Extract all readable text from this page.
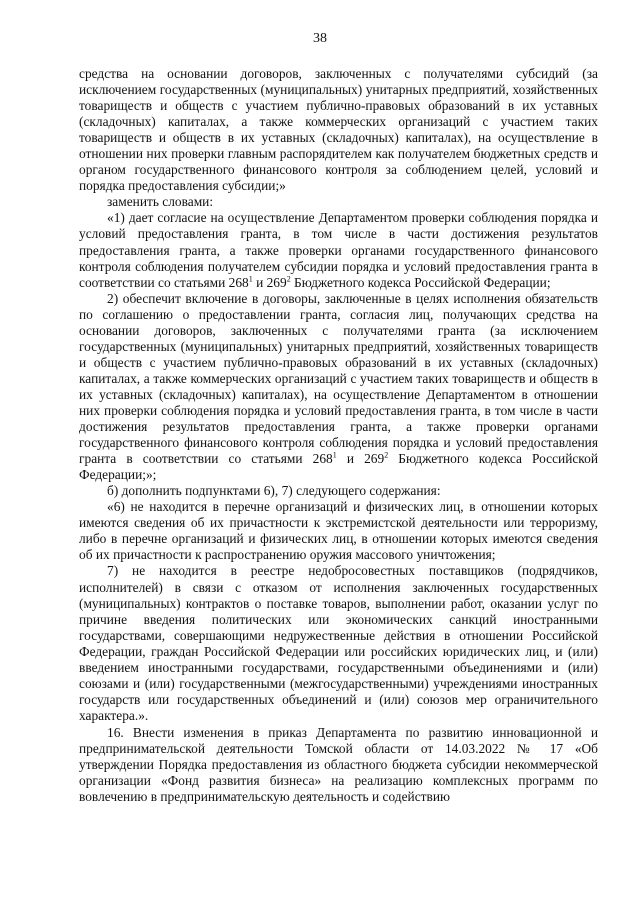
38

средства на основании договоров, заключенных с получателями субсидий (за исключением государственных (муниципальных) унитарных предприятий, хозяйственных товариществ и обществ с участием публично-правовых образований в их уставных (складочных) капиталах, а также коммерческих организаций с участием таких товариществ и обществ в их уставных (складочных) капиталах), на осуществление в отношении них проверки главным распорядителем как получателем бюджетных средств и органом государственного финансового контроля за соблюдением целей, условий и порядка предоставления субсидии;»

заменить словами:

«1) дает согласие на осуществление Департаментом проверки соблюдения порядка и условий предоставления гранта, в том числе в части достижения результатов предоставления гранта, а также проверки органами государственного финансового контроля соблюдения получателем субсидии порядка и условий предоставления гранта в соответствии со статьями $268^1$ и $269^2$ Бюджетного кодекса Российской Федерации;

2) обеспечит включение в договоры, заключенные в целях исполнения обязательств по соглашению о предоставлении гранта, согласия лиц, получающих средства на основании договоров, заключенных с получателями гранта (за исключением государственных (муниципальных) унитарных предприятий, хозяйственных товариществ и обществ с участием публично-правовых образований в их уставных (складочных) капиталах, а также коммерческих организаций с участием таких товариществ и обществ в их уставных (складочных) капиталах), на осуществление Департаментом в отношении них проверки соблюдения порядка и условий предоставления гранта, в том числе в части достижения результатов предоставления гранта, а также проверки органами государственного финансового контроля соблюдения порядка и условий предоставления гранта в соответствии со статьями $268^1$ и $269^2$ Бюджетного кодекса Российской Федерации;»;

б) дополнить подпунктами 6), 7) следующего содержания:

«6) не находится в перечне организаций и физических лиц, в отношении которых имеются сведения об их причастности к экстремистской деятельности или терроризму, либо в перечне организаций и физических лиц, в отношении которых имеются сведения об их причастности к распространению оружия массового уничтожения;

7) не находится в реестре недобросовестных поставщиков (подрядчиков, исполнителей) в связи с отказом от исполнения заключенных государственных (муниципальных) контрактов о поставке товаров, выполнении работ, оказании услуг по причине введения политических или экономических санкций иностранными государствами, совершающими недружественные действия в отношении Российской Федерации, граждан Российской Федерации или российских юридических лиц, и (или) введением иностранными государствами, государственными объединениями и (или) союзами и (или) государственными (межгосударственными) учреждениями иностранных государств или государственных объединений и (или) союзов мер ограничительного характера.».

16. Внести изменения в приказ Департамента по развитию инновационной и предпринимательской деятельности Томской области от 14.03.2022 № 17 «Об утверждении Порядка предоставления из областного бюджета субсидии некоммерческой организации «Фонд развития бизнеса» на реализацию комплексных программ по вовлечению в предпринимательскую деятельность и содействию
